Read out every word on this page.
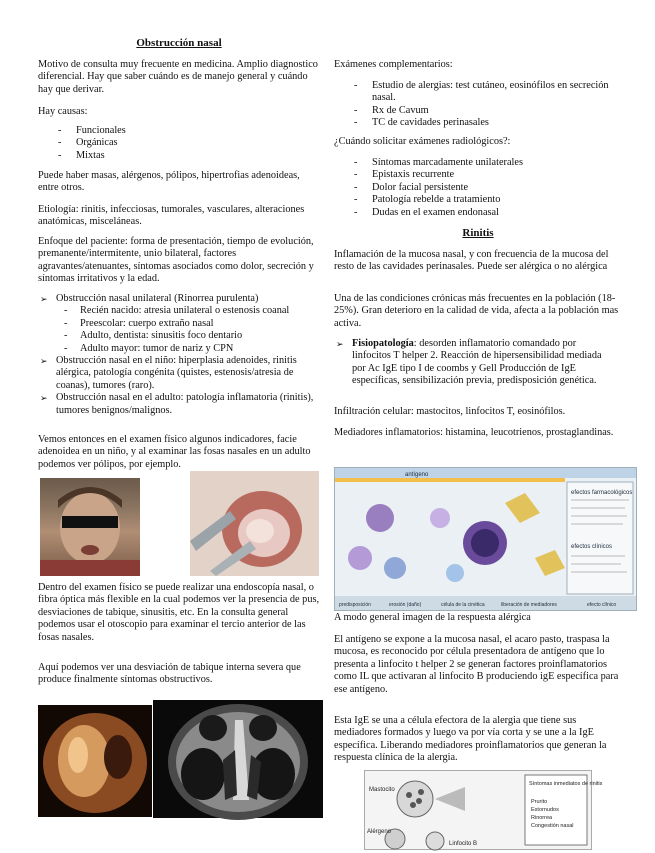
Obstrucción nasal

Motivo de consulta muy frecuente en medicina. Amplio diagnostico diferencial. Hay que saber cuándo es de manejo general y cuándo hay que derivar.

Hay causas:

- Funcionales
- Orgánicas
- Mixtas

Puede haber masas, alérgenos, pólipos, hipertrofias adenoideas, entre otros.

Etiología: rinitis, infecciosas, tumorales, vasculares, alteraciones anatómicas, misceláneas.

Enfoque del paciente: forma de presentación, tiempo de evolución, premanente/intermitente, unio bilateral, factores agravantes/atenuantes, síntomas asociados como dolor, secreción y síntomas irritativos y la edad.

➢ Obstrucción nasal unilateral (Rinorrea purulenta)
- Recién nacido: atresia unilateral o estenosis coanal
- Preescolar: cuerpo extraño nasal
- Adulto, dentista: sinusitis foco dentario
- Adulto mayor: tumor de nariz y CPN
➢ Obstrucción nasal en el niño: hiperplasia adenoides, rinitis alérgica, patología congénita (quistes, estenosis/atresia de coanas), tumores (raro).
➢ Obstrucción nasal en el adulto: patología inflamatoria (rinitis), tumores benignos/malignos.

Vemos entonces en el examen físico algunos indicadores, facie adenoidea en un niño, y al examinar las fosas nasales en un adulto podemos ver pólipos, por ejemplo.

Dentro del examen físico se puede realizar una endoscopía nasal, o fibra óptica más flexible en la cual podemos ver la presencia de pus, desviaciones de tabique, sinusitis, etc. En la consulta general podemos usar el otoscopio para examinar el tercio anterior de las fosas nasales.

Aquí podemos ver una desviación de tabique interna severa que produce finalmente síntomas obstructivos.

Exámenes complementarios:

- Estudio de alergias: test cutáneo, eosinófilos en secreción nasal.
- Rx de Cavum
- TC de cavidades perinasales

¿Cuándo solicitar exámenes radiológicos?:

- Síntomas marcadamente unilaterales
- Epistaxis recurrente
- Dolor facial persistente
- Patología rebelde a tratamiento
- Dudas en el examen endonasal
Rinitis

Inflamación de la mucosa nasal, y con frecuencia de la mucosa del resto de las cavidades perinasales. Puede ser alérgica o no alérgica

Una de las condiciones crónicas más frecuentes en la población (18-25%). Gran deterioro en la calidad de vida, afecta a la población mas activa.

➢ Fisiopatología: desorden inflamatorio comandado por linfocitos T helper 2. Reacción de hipersensibilidad mediada por Ac IgE tipo I de coombs y Gell Producción de IgE específicas, sensibilización previa, predisposición genética.

Infiltración celular: mastocitos, linfocitos T, eosinófilos.

Mediadores inflamatorios: histamina, leucotrienos, prostaglandinas.

antígeno
efectos farmacológicos
efectos clínicos
predisposición	erosión (daño)	célula de la cinética	liberación de mediadores	efecto clínico

A modo general imagen de la respuesta alérgica

El antígeno se expone a la mucosa nasal, el acaro pasto, traspasa la mucosa, es reconocido por célula presentadora de antígeno que lo presenta a linfocito t helper 2 se generan factores proinflamatorios como IL que activaran al linfocito B produciendo igE específica para ese antígeno.

Esta IgE se una a célula efectora de la alergia que tiene sus mediadores formados y luego va por vía corta y se une a la IgE específica. Liberando mediadores proinflamatorios que generan la respuesta clínica de la alergia.

Mastocito
Alérgeno
Linfocito B
Síntomas inmediatos de rinitis
Prurito
Estornudos
Rinorrea
Congestión nasal
